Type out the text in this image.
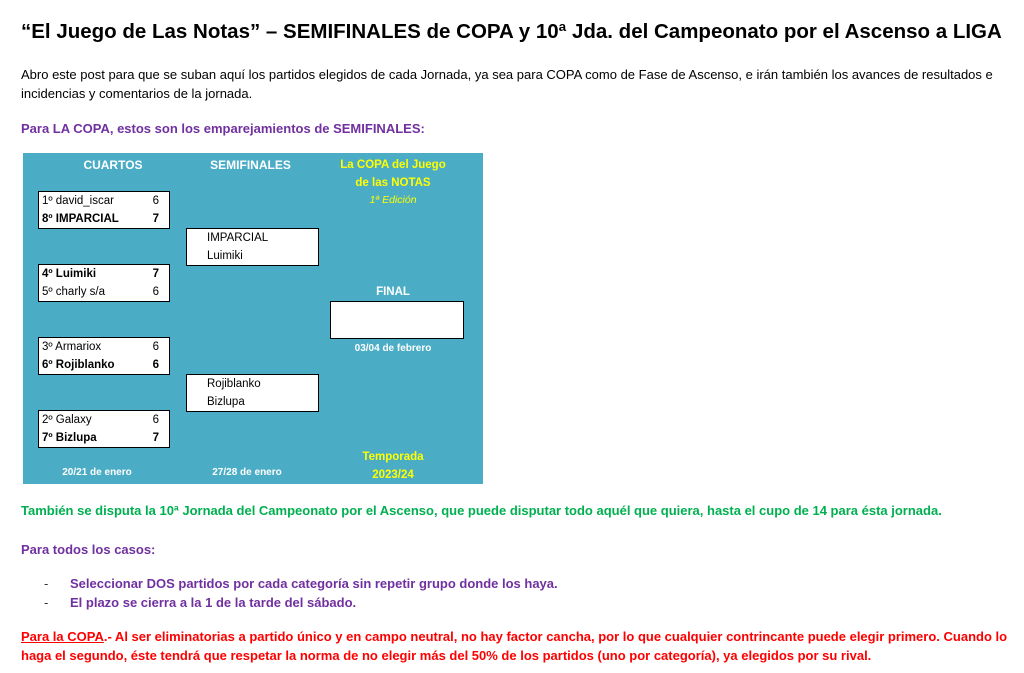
“El Juego de Las Notas” – SEMIFINALES de COPA y 10ª Jda. del Campeonato por el Ascenso a LIGA
Abro este post para que se suban aquí los partidos elegidos de cada Jornada, ya sea para COPA como de Fase de Ascenso, e irán también los avances de resultados e incidencias y comentarios de la jornada.
Para LA COPA, estos son los emparejamientos de SEMIFINALES:
CUARTOS	SEMIFINALES	La COPA del Juego
de las NOTAS
1ª Edición
1º david_iscar	6
8º IMPARCIAL	7
4º Luimiki	7
5º charly s/a	6
3º Armariox	6
6º Rojiblanko	6
2º Galaxy	6
7º Bizlupa	7
IMPARCIAL
Luimiki
Rojiblanko
Bizlupa
FINAL
03/04 de febrero
Temporada
2023/24
20/21 de enero	27/28 de enero
También se disputa la 10ª Jornada del Campeonato por el Ascenso, que puede disputar todo aquél que quiera, hasta el cupo de 14 para ésta jornada.
Para todos los casos:
- Seleccionar DOS partidos por cada categoría sin repetir grupo donde los haya.
- El plazo se cierra a la 1 de la tarde del sábado.
Para la COPA.- Al ser eliminatorias a partido único y en campo neutral, no hay factor cancha, por lo que cualquier contrincante puede elegir primero. Cuando lo haga el segundo, éste tendrá que respetar la norma de no elegir más del 50% de los partidos (uno por categoría), ya elegidos por su rival.
